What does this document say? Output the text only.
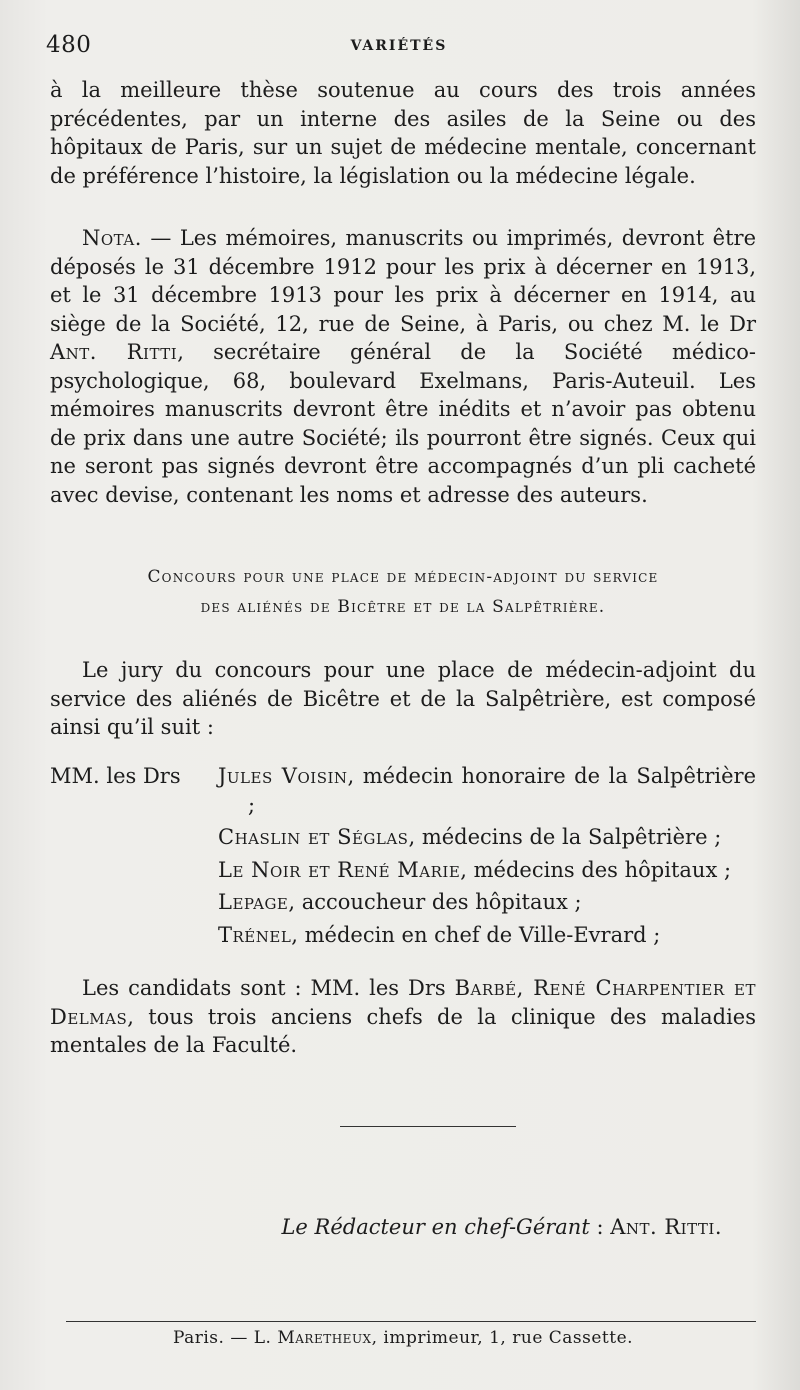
480	VARIÉTÉS

à la meilleure thèse soutenue au cours des trois années précédentes, par un interne des asiles de la Seine ou des hôpitaux de Paris, sur un sujet de médecine mentale, concernant de préférence l’histoire, la législation ou la médecine légale.

Nota. — Les mémoires, manuscrits ou imprimés, devront être déposés le 31 décembre 1912 pour les prix à décerner en 1913, et le 31 décembre 1913 pour les prix à décerner en 1914, au siège de la Société, 12, rue de Seine, à Paris, ou chez M. le Dr Ant. Ritti, secrétaire général de la Société médico-psychologique, 68, boulevard Exelmans, Paris-Auteuil. Les mémoires manuscrits devront être inédits et n’avoir pas obtenu de prix dans une autre Société; ils pourront être signés. Ceux qui ne seront pas signés devront être accompagnés d’un pli cacheté avec devise, contenant les noms et adresse des auteurs.

Concours pour une place de médecin-adjoint du service
des aliénés de Bicêtre et de la Salpêtrière.

Le jury du concours pour une place de médecin-adjoint du service des aliénés de Bicêtre et de la Salpêtrière, est composé ainsi qu’il suit :

MM. les Drs Jules Voisin, médecin honoraire de la Salpêtrière ;
Chaslin et Séglas, médecins de la Salpêtrière ;
Le Noir et René Marie, médecins des hôpitaux ;
Lepage, accoucheur des hôpitaux ;
Trénel, médecin en chef de Ville-Evrard ;

Les candidats sont : MM. les Drs Barbé, René Charpentier et Delmas, tous trois anciens chefs de la clinique des maladies mentales de la Faculté.

Le Rédacteur en chef-Gérant : Ant. Ritti.
Paris. — L. Maretheux, imprimeur, 1, rue Cassette.
